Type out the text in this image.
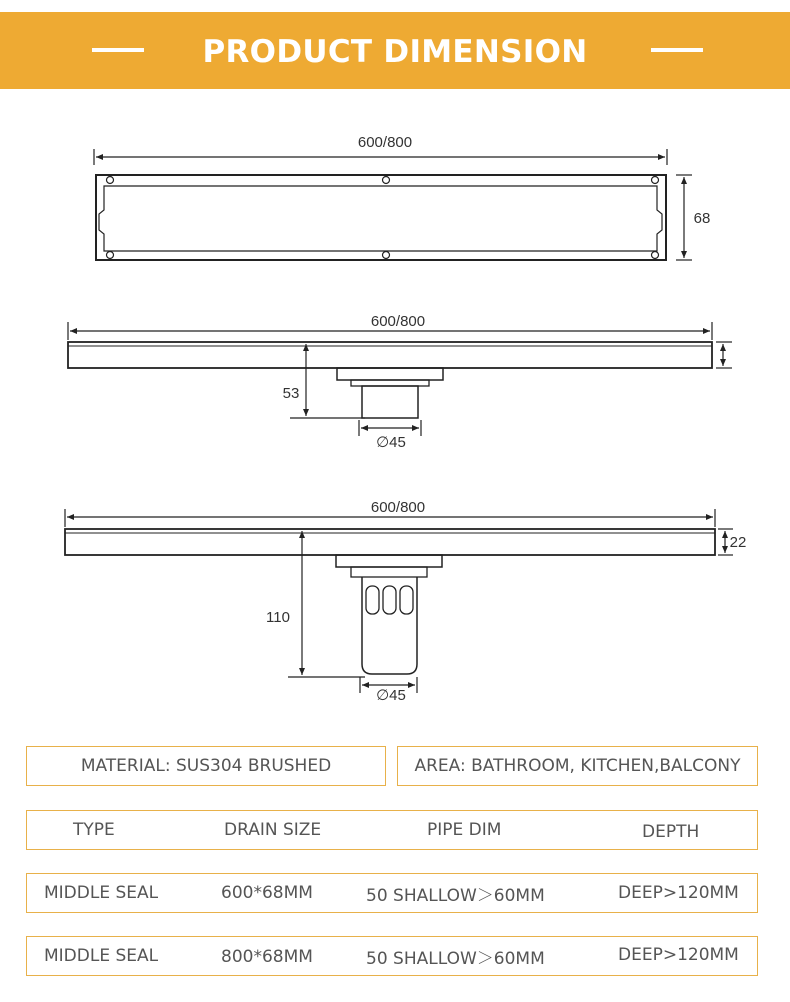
PRODUCT DIMENSION
600/800
68
600/800
53
∅45
600/800
22
110
∅45
MATERIAL: SUS304 BRUSHED	AREA: BATHROOM, KITCHEN,BALCONY
TYPE	DRAIN SIZE	PIPE DIM	DEPTH
MIDDLE SEAL	600*68MM	50 SHALLOW＞60MM	DEEP>120MM
MIDDLE SEAL	800*68MM	50 SHALLOW＞60MM	DEEP>120MM
